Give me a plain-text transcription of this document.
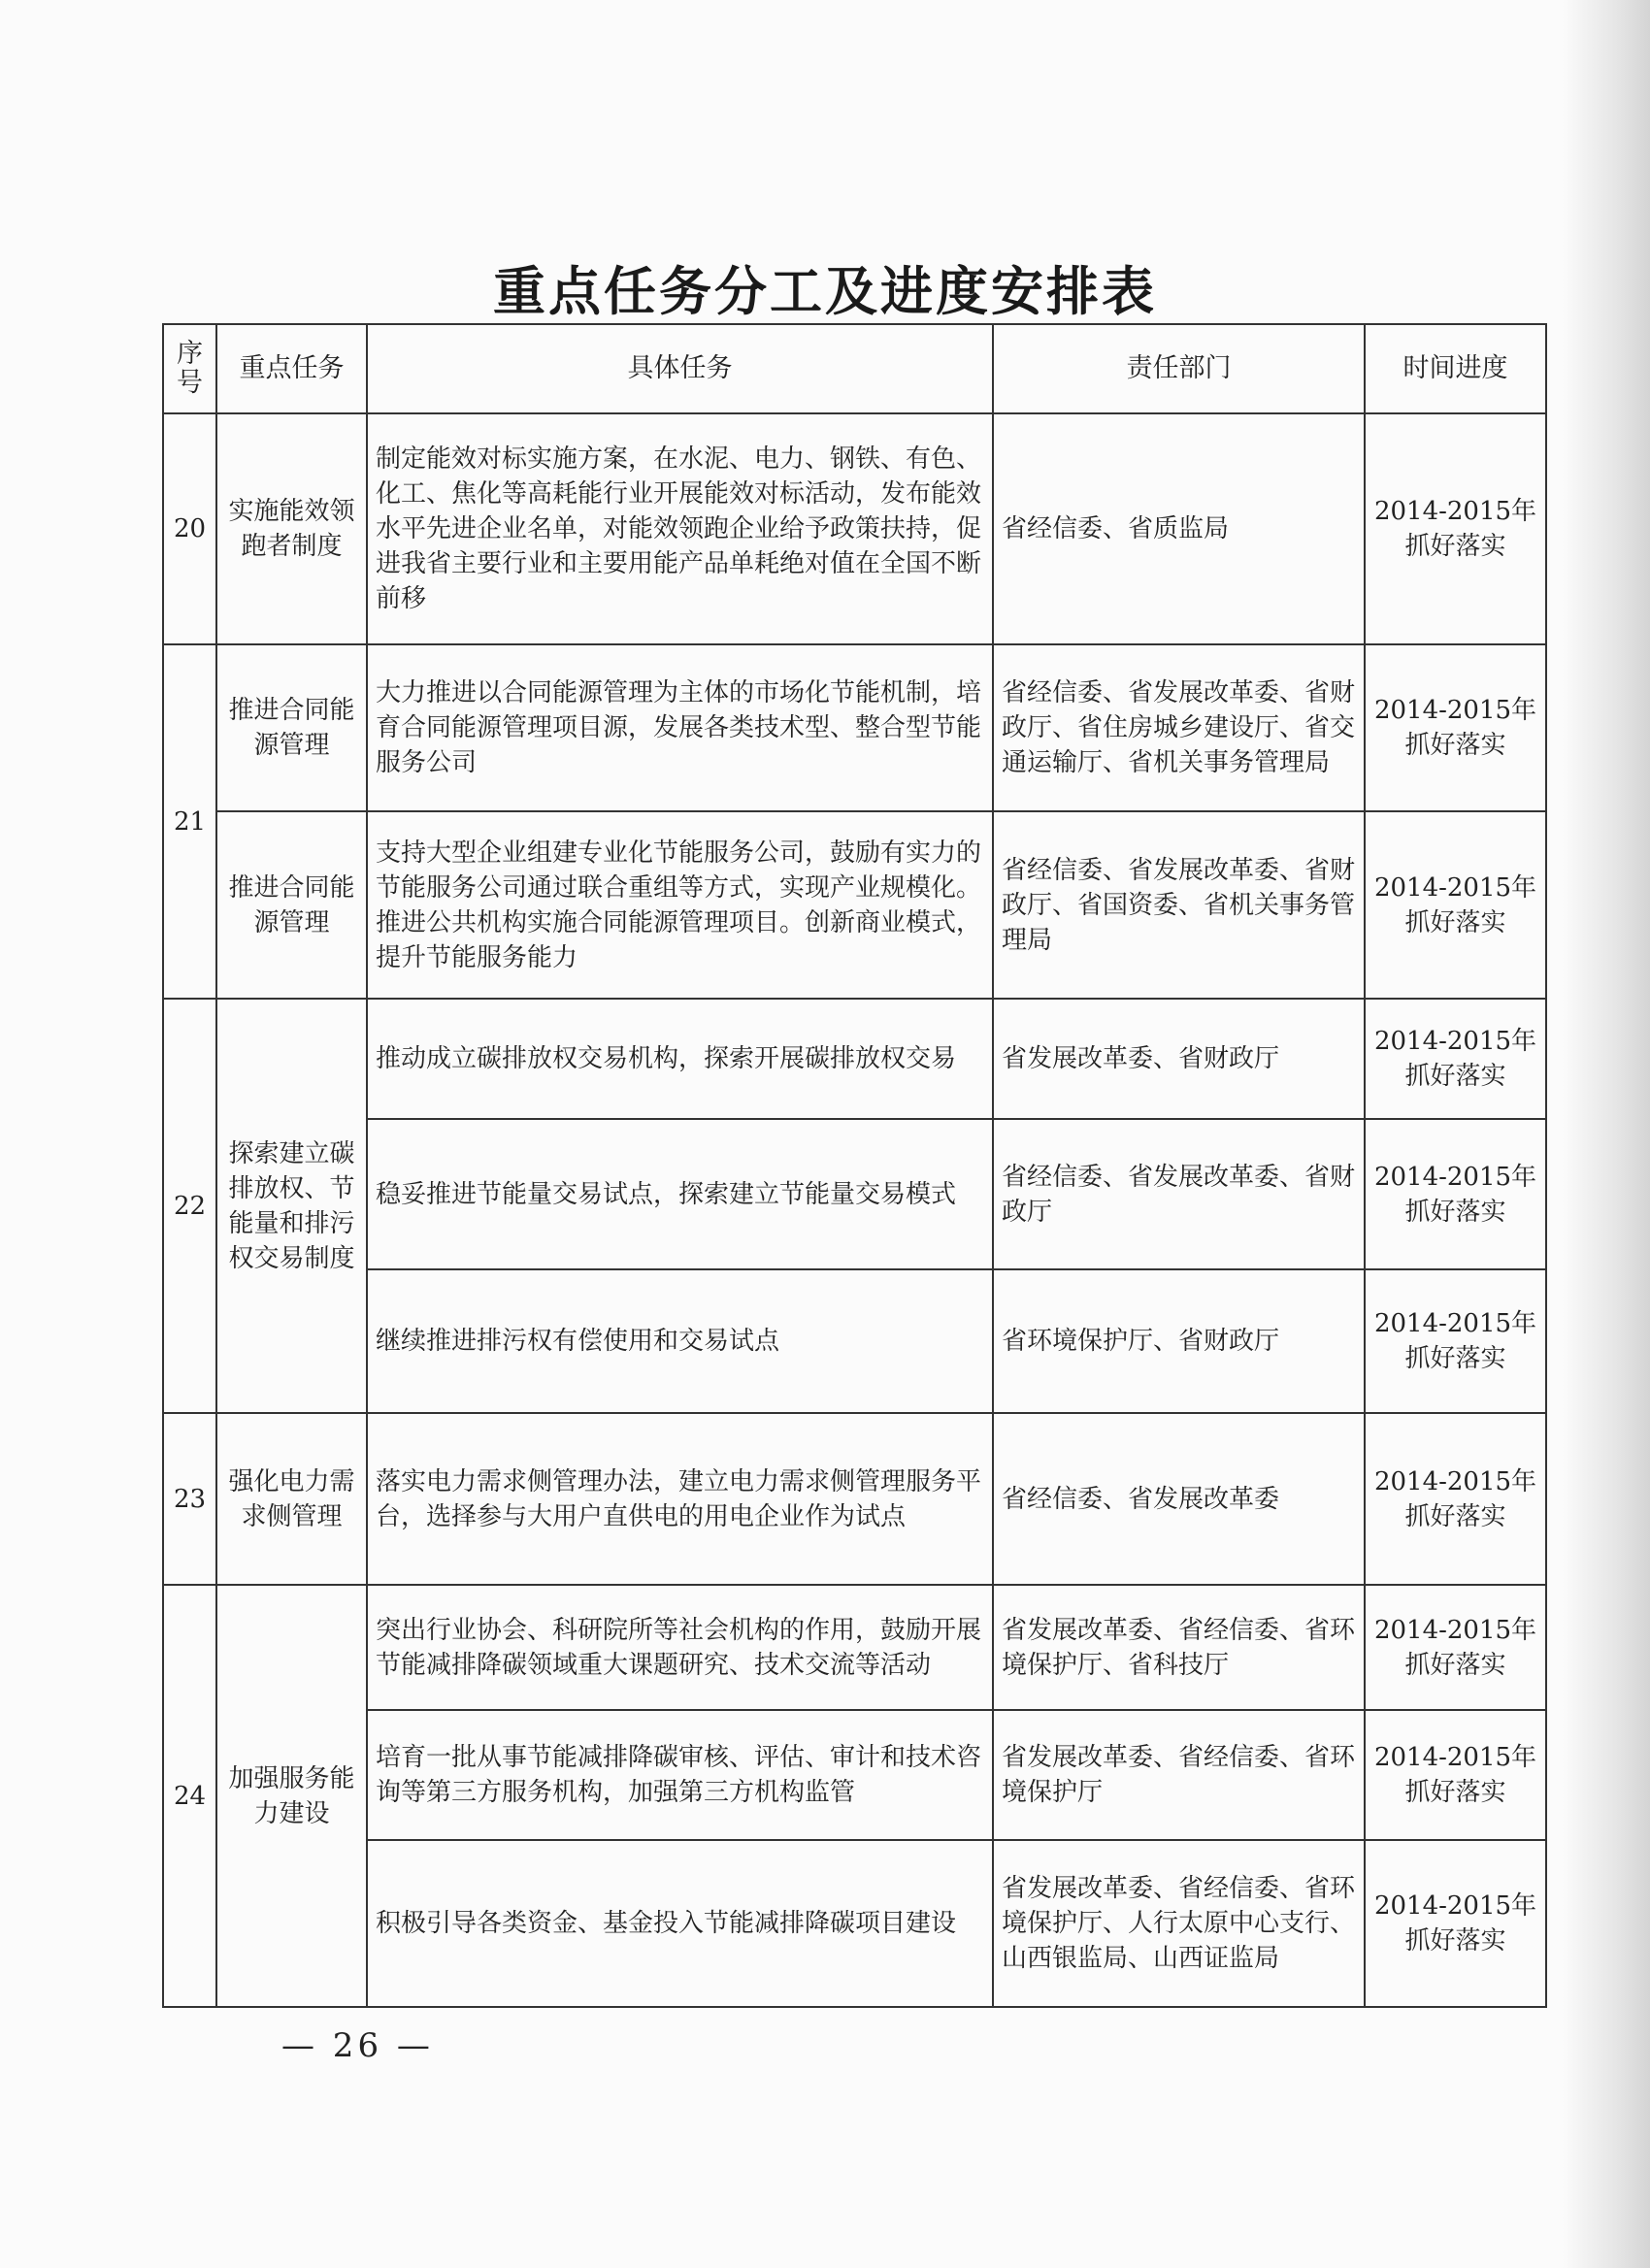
重点任务分工及进度安排表
序号	重点任务	具体任务	责任部门	时间进度
20	实施能效领跑者制度	制定能效对标实施方案，在水泥、电力、钢铁、有色、化工、焦化等高耗能行业开展能效对标活动，发布能效水平先进企业名单，对能效领跑企业给予政策扶持，促进我省主要行业和主要用能产品单耗绝对值在全国不断前移	省经信委、省质监局	2014-2015年抓好落实
21	推进合同能源管理	大力推进以合同能源管理为主体的市场化节能机制，培育合同能源管理项目源，发展各类技术型、整合型节能服务公司	省经信委、省发展改革委、省财政厅、省住房城乡建设厅、省交通运输厅、省机关事务管理局	2014-2015年抓好落实
	推进合同能源管理	支持大型企业组建专业化节能服务公司，鼓励有实力的节能服务公司通过联合重组等方式，实现产业规模化。推进公共机构实施合同能源管理项目。创新商业模式，提升节能服务能力	省经信委、省发展改革委、省财政厅、省国资委、省机关事务管理局	2014-2015年抓好落实
22	探索建立碳排放权、节能量和排污权交易制度	推动成立碳排放权交易机构，探索开展碳排放权交易	省发展改革委、省财政厅	2014-2015年抓好落实
		稳妥推进节能量交易试点，探索建立节能量交易模式	省经信委、省发展改革委、省财政厅	2014-2015年抓好落实
		继续推进排污权有偿使用和交易试点	省环境保护厅、省财政厅	2014-2015年抓好落实
23	强化电力需求侧管理	落实电力需求侧管理办法，建立电力需求侧管理服务平台，选择参与大用户直供电的用电企业作为试点	省经信委、省发展改革委	2014-2015年抓好落实
24	加强服务能力建设	突出行业协会、科研院所等社会机构的作用，鼓励开展节能减排降碳领域重大课题研究、技术交流等活动	省发展改革委、省经信委、省环境保护厅、省科技厅	2014-2015年抓好落实
		培育一批从事节能减排降碳审核、评估、审计和技术咨询等第三方服务机构，加强第三方机构监管	省发展改革委、省经信委、省环境保护厅	2014-2015年抓好落实
		积极引导各类资金、基金投入节能减排降碳项目建设	省发展改革委、省经信委、省环境保护厅、人行太原中心支行、山西银监局、山西证监局	2014-2015年抓好落实
— 26 —
